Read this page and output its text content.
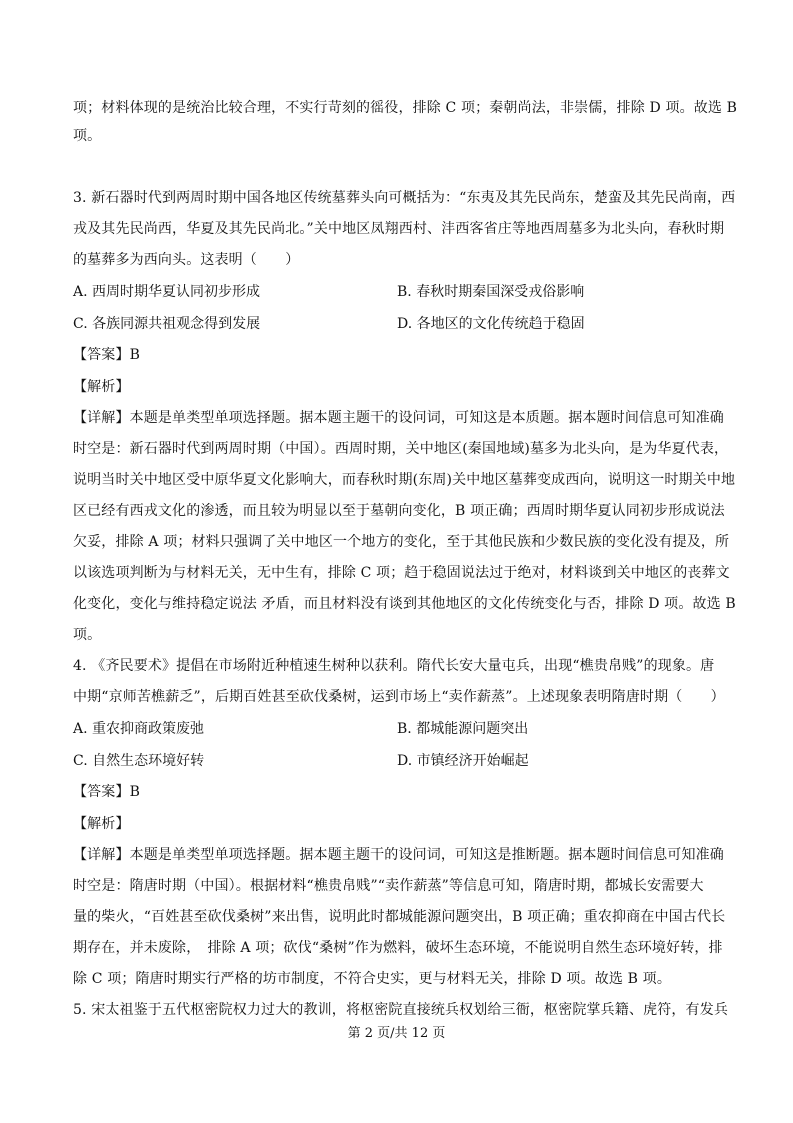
项；材料体现的是统治比较合理，不实行苛刻的徭役，排除 C 项；秦朝尚法，非崇儒，排除 D 项。故选 B
项。
3. 新石器时代到两周时期中国各地区传统墓葬头向可概括为：“东夷及其先民尚东，楚蛮及其先民尚南，西
戎及其先民尚西，华夏及其先民尚北。”关中地区凤翔西村、沣西客省庄等地西周墓多为北头向，春秋时期
的墓葬多为西向头。这表明（　　）
A. 西周时期华夏认同初步形成	B. 春秋时期秦国深受戎俗影响
C. 各族同源共祖观念得到发展	D. 各地区的文化传统趋于稳固
【答案】B
【解析】
【详解】本题是单类型单项选择题。据本题主题干的设问词，可知这是本质题。据本题时间信息可知准确
时空是：新石器时代到两周时期（中国）。西周时期，关中地区(秦国地域)墓多为北头向，是为华夏代表，
说明当时关中地区受中原华夏文化影响大，而春秋时期(东周)关中地区墓葬变成西向，说明这一时期关中地
区已经有西戎文化的渗透，而且较为明显以至于墓朝向变化，B 项正确；西周时期华夏认同初步形成说法
欠妥，排除 A 项；材料只强调了关中地区一个地方的变化，至于其他民族和少数民族的变化没有提及，所
以该选项判断为与材料无关，无中生有，排除 C 项；趋于稳固说法过于绝对，材料谈到关中地区的丧葬文
化变化，变化与维持稳定说法 矛盾，而且材料没有谈到其他地区的文化传统变化与否，排除 D 项。故选 B
项。
4. 《齐民要术》提倡在市场附近种植速生树种以获利。隋代长安大量屯兵，出现“樵贵帛贱”的现象。唐
中期“京师苦樵薪乏”，后期百姓甚至砍伐桑树，运到市场上“卖作薪蒸”。上述现象表明隋唐时期（　　）
A. 重农抑商政策废弛	B. 都城能源问题突出
C. 自然生态环境好转	D. 市镇经济开始崛起
【答案】B
【解析】
【详解】本题是单类型单项选择题。据本题主题干的设问词，可知这是推断题。据本题时间信息可知准确
时空是：隋唐时期（中国）。根据材料“樵贵帛贱”“卖作薪蒸”等信息可知，隋唐时期，都城长安需要大
量的柴火，“百姓甚至砍伐桑树”来出售，说明此时都城能源问题突出，B 项正确；重农抑商在中国古代长
期存在，并未废除，　排除 A 项；砍伐“桑树”作为燃料，破坏生态环境，不能说明自然生态环境好转，排
除 C 项；隋唐时期实行严格的坊市制度，不符合史实，更与材料无关，排除 D 项。故选 B 项。
5. 宋太祖鉴于五代枢密院权力过大的教训，将枢密院直接统兵权划给三衙，枢密院掌兵籍、虎符，有发兵
第 2 页/共 12 页
